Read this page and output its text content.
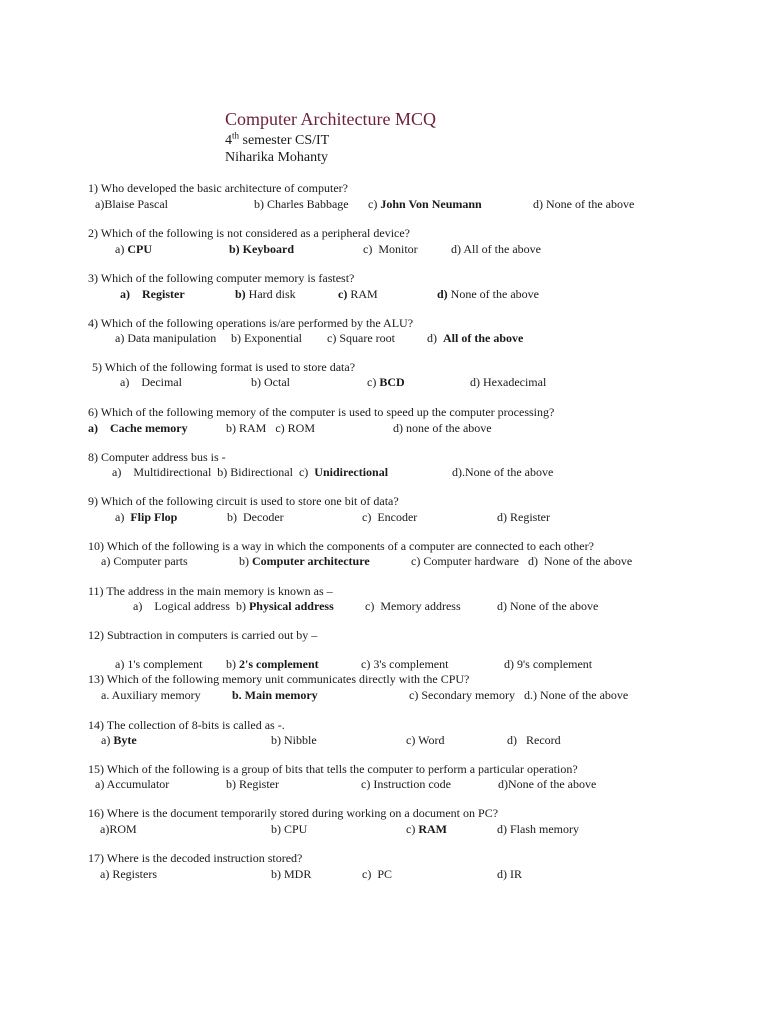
Computer Architecture MCQ
4th semester CS/IT
Niharika Mohanty
1) Who developed the basic architecture of computer?
a)Blaise Pascal	b) Charles Babbage c) John Von Neumann	d) None of the above
2) Which of the following is not considered as a peripheral device?
a) CPU	b) Keyboard	c)  Monitor	d) All of the above
3) Which of the following computer memory is fastest?
a)    Register	b) Hard disk	c) RAM	d) None of the above
4) Which of the following operations is/are performed by the ALU?
a) Data manipulation b) Exponential c) Square root	d)  All of the above
5) Which of the following format is used to store data?
a)    Decimal	b) Octal	c) BCD	d) Hexadecimal
6) Which of the following memory of the computer is used to speed up the computer processing?
a)    Cache memory	b) RAM   c) ROM	d) none of the above
8) Computer address bus is -
a)    Multidirectional  b) Bidirectional  c)  Unidirectional	d).None of the above
9) Which of the following circuit is used to store one bit of data?
a)  Flip Flop	b)  Decoder	c)  Encoder	d) Register
10) Which of the following is a way in which the components of a computer are connected to each other?
a) Computer parts	b) Computer architecture	c) Computer hardware   d)  None of the above
11) The address in the main memory is known as –
a)    Logical address  b) Physical address	c)  Memory address	d) None of the above
12) Subtraction in computers is carried out by –
a) 1's complement b) 2's complement	c) 3's complement	d) 9's complement
13) Which of the following memory unit communicates directly with the CPU?
a. Auxiliary memory	b. Main memory	c) Secondary memory   d.) None of the above
14) The collection of 8-bits is called as -.
a) Byte	b) Nibble	c) Word	d)   Record
15) Which of the following is a group of bits that tells the computer to perform a particular operation?
a) Accumulator	b) Register	c) Instruction code	d)None of the above
16) Where is the document temporarily stored during working on a document on PC?
a)ROM	b) CPU	c) RAM	d) Flash memory
17) Where is the decoded instruction stored?
a) Registers	b) MDR	c)  PC	d) IR
